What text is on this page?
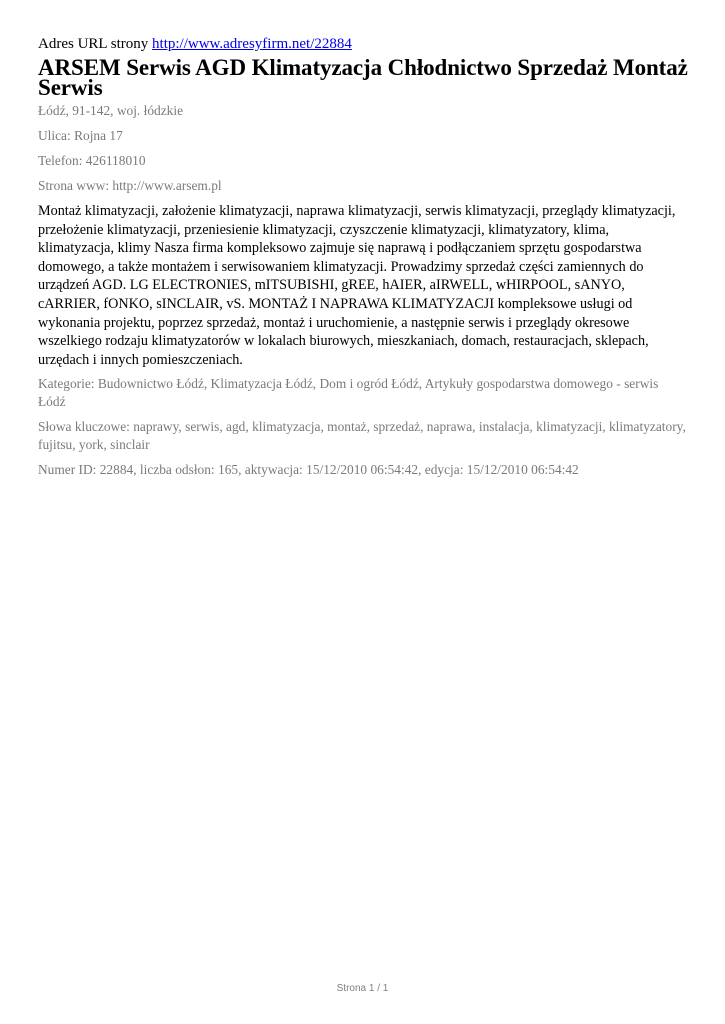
Adres URL strony http://www.adresyfirm.net/22884

ARSEM Serwis AGD Klimatyzacja Chłodnictwo Sprzedaż Montaż Serwis

Łódź, 91-142, woj. łódzkie

Ulica: Rojna 17

Telefon: 426118010

Strona www: http://www.arsem.pl

Montaż klimatyzacji, założenie klimatyzacji, naprawa klimatyzacji, serwis klimatyzacji, przeglądy klimatyzacji, przełożenie klimatyzacji, przeniesienie klimatyzacji, czyszczenie klimatyzacji, klimatyzatory, klima, klimatyzacja, klimy Nasza firma kompleksowo zajmuje się naprawą i podłączaniem sprzętu gospodarstwa domowego, a także montażem i serwisowaniem klimatyzacji. Prowadzimy sprzedaż części zamiennych do urządzeń AGD. LG ELECTRONIES, mITSUBISHI, gREE, hAIER, aIRWELL, wHIRPOOL, sANYO, cARRIER, fONKO, sINCLAIR, vS. MONTAŻ I NAPRAWA KLIMATYZACJI kompleksowe usługi od wykonania projektu, poprzez sprzedaż, montaż i uruchomienie, a następnie serwis i przeglądy okresowe wszelkiego rodzaju klimatyzatorów w lokalach biurowych, mieszkaniach, domach, restauracjach, sklepach, urzędach i innych pomieszczeniach.

Kategorie: Budownictwo Łódź, Klimatyzacja Łódź, Dom i ogród Łódź, Artykuły gospodarstwa domowego - serwis Łódź

Słowa kluczowe: naprawy, serwis, agd, klimatyzacja, montaż, sprzedaż, naprawa, instalacja, klimatyzacji, klimatyzatory, fujitsu, york, sinclair

Numer ID: 22884, liczba odsłon: 165, aktywacja: 15/12/2010 06:54:42, edycja: 15/12/2010 06:54:42

Strona 1 / 1
